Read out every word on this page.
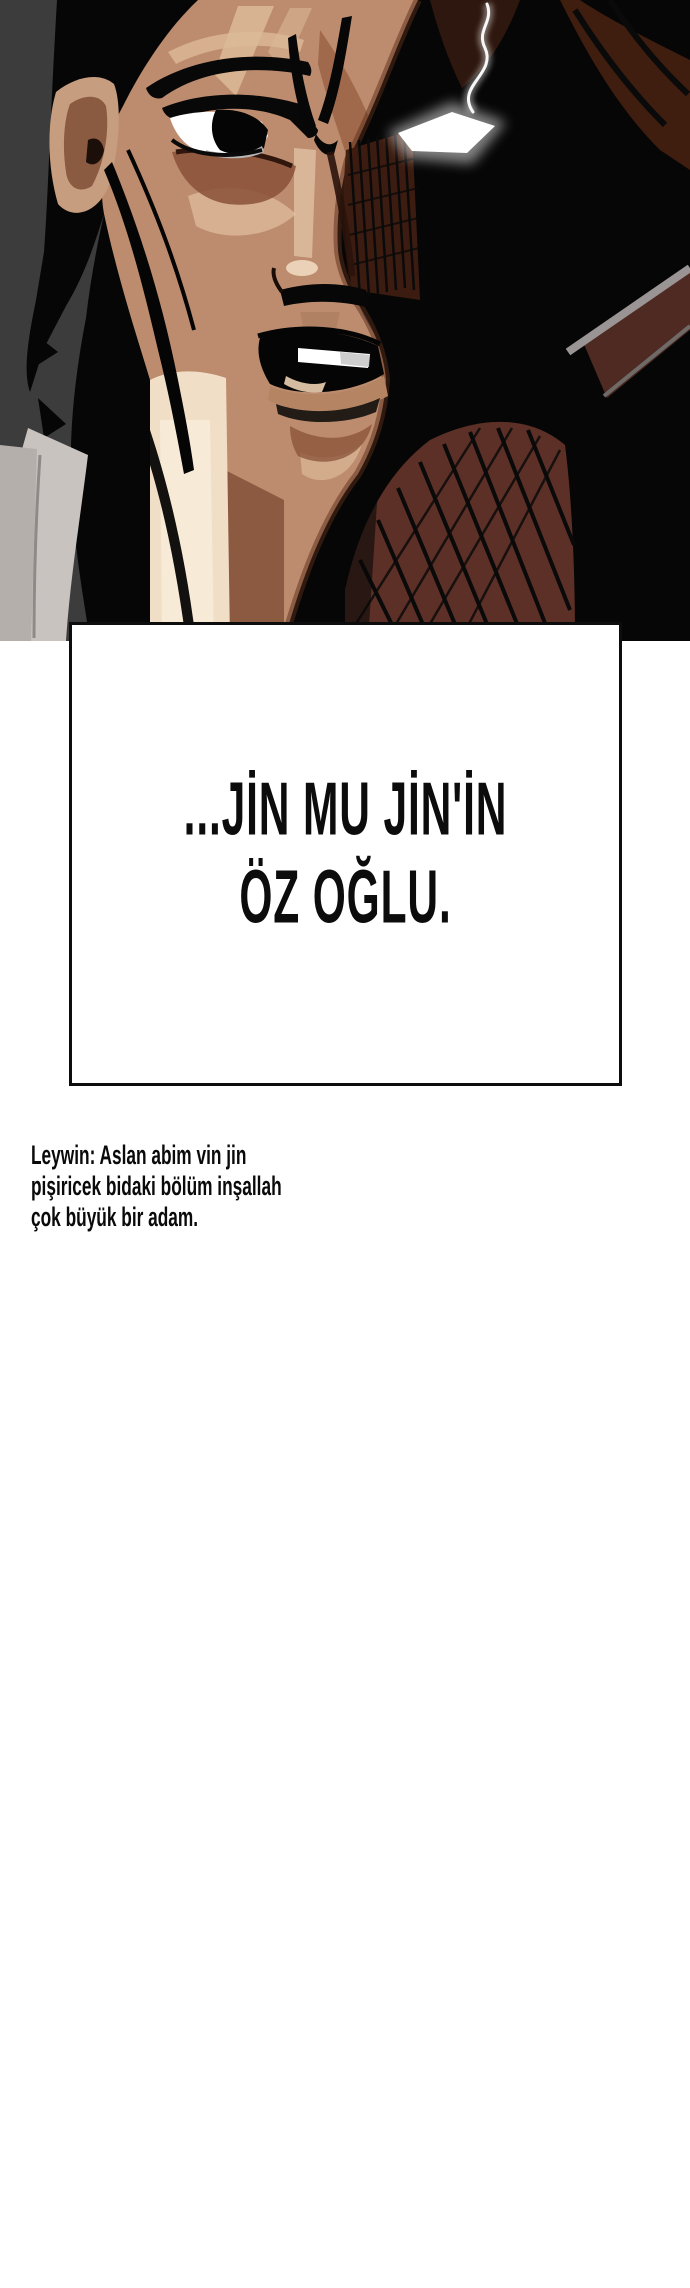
...JİN MU JİN'İN
ÖZ OĞLU.
Leywin: Aslan abim vin jin
pişiricek bidaki bölüm inşallah
çok büyük bir adam.
